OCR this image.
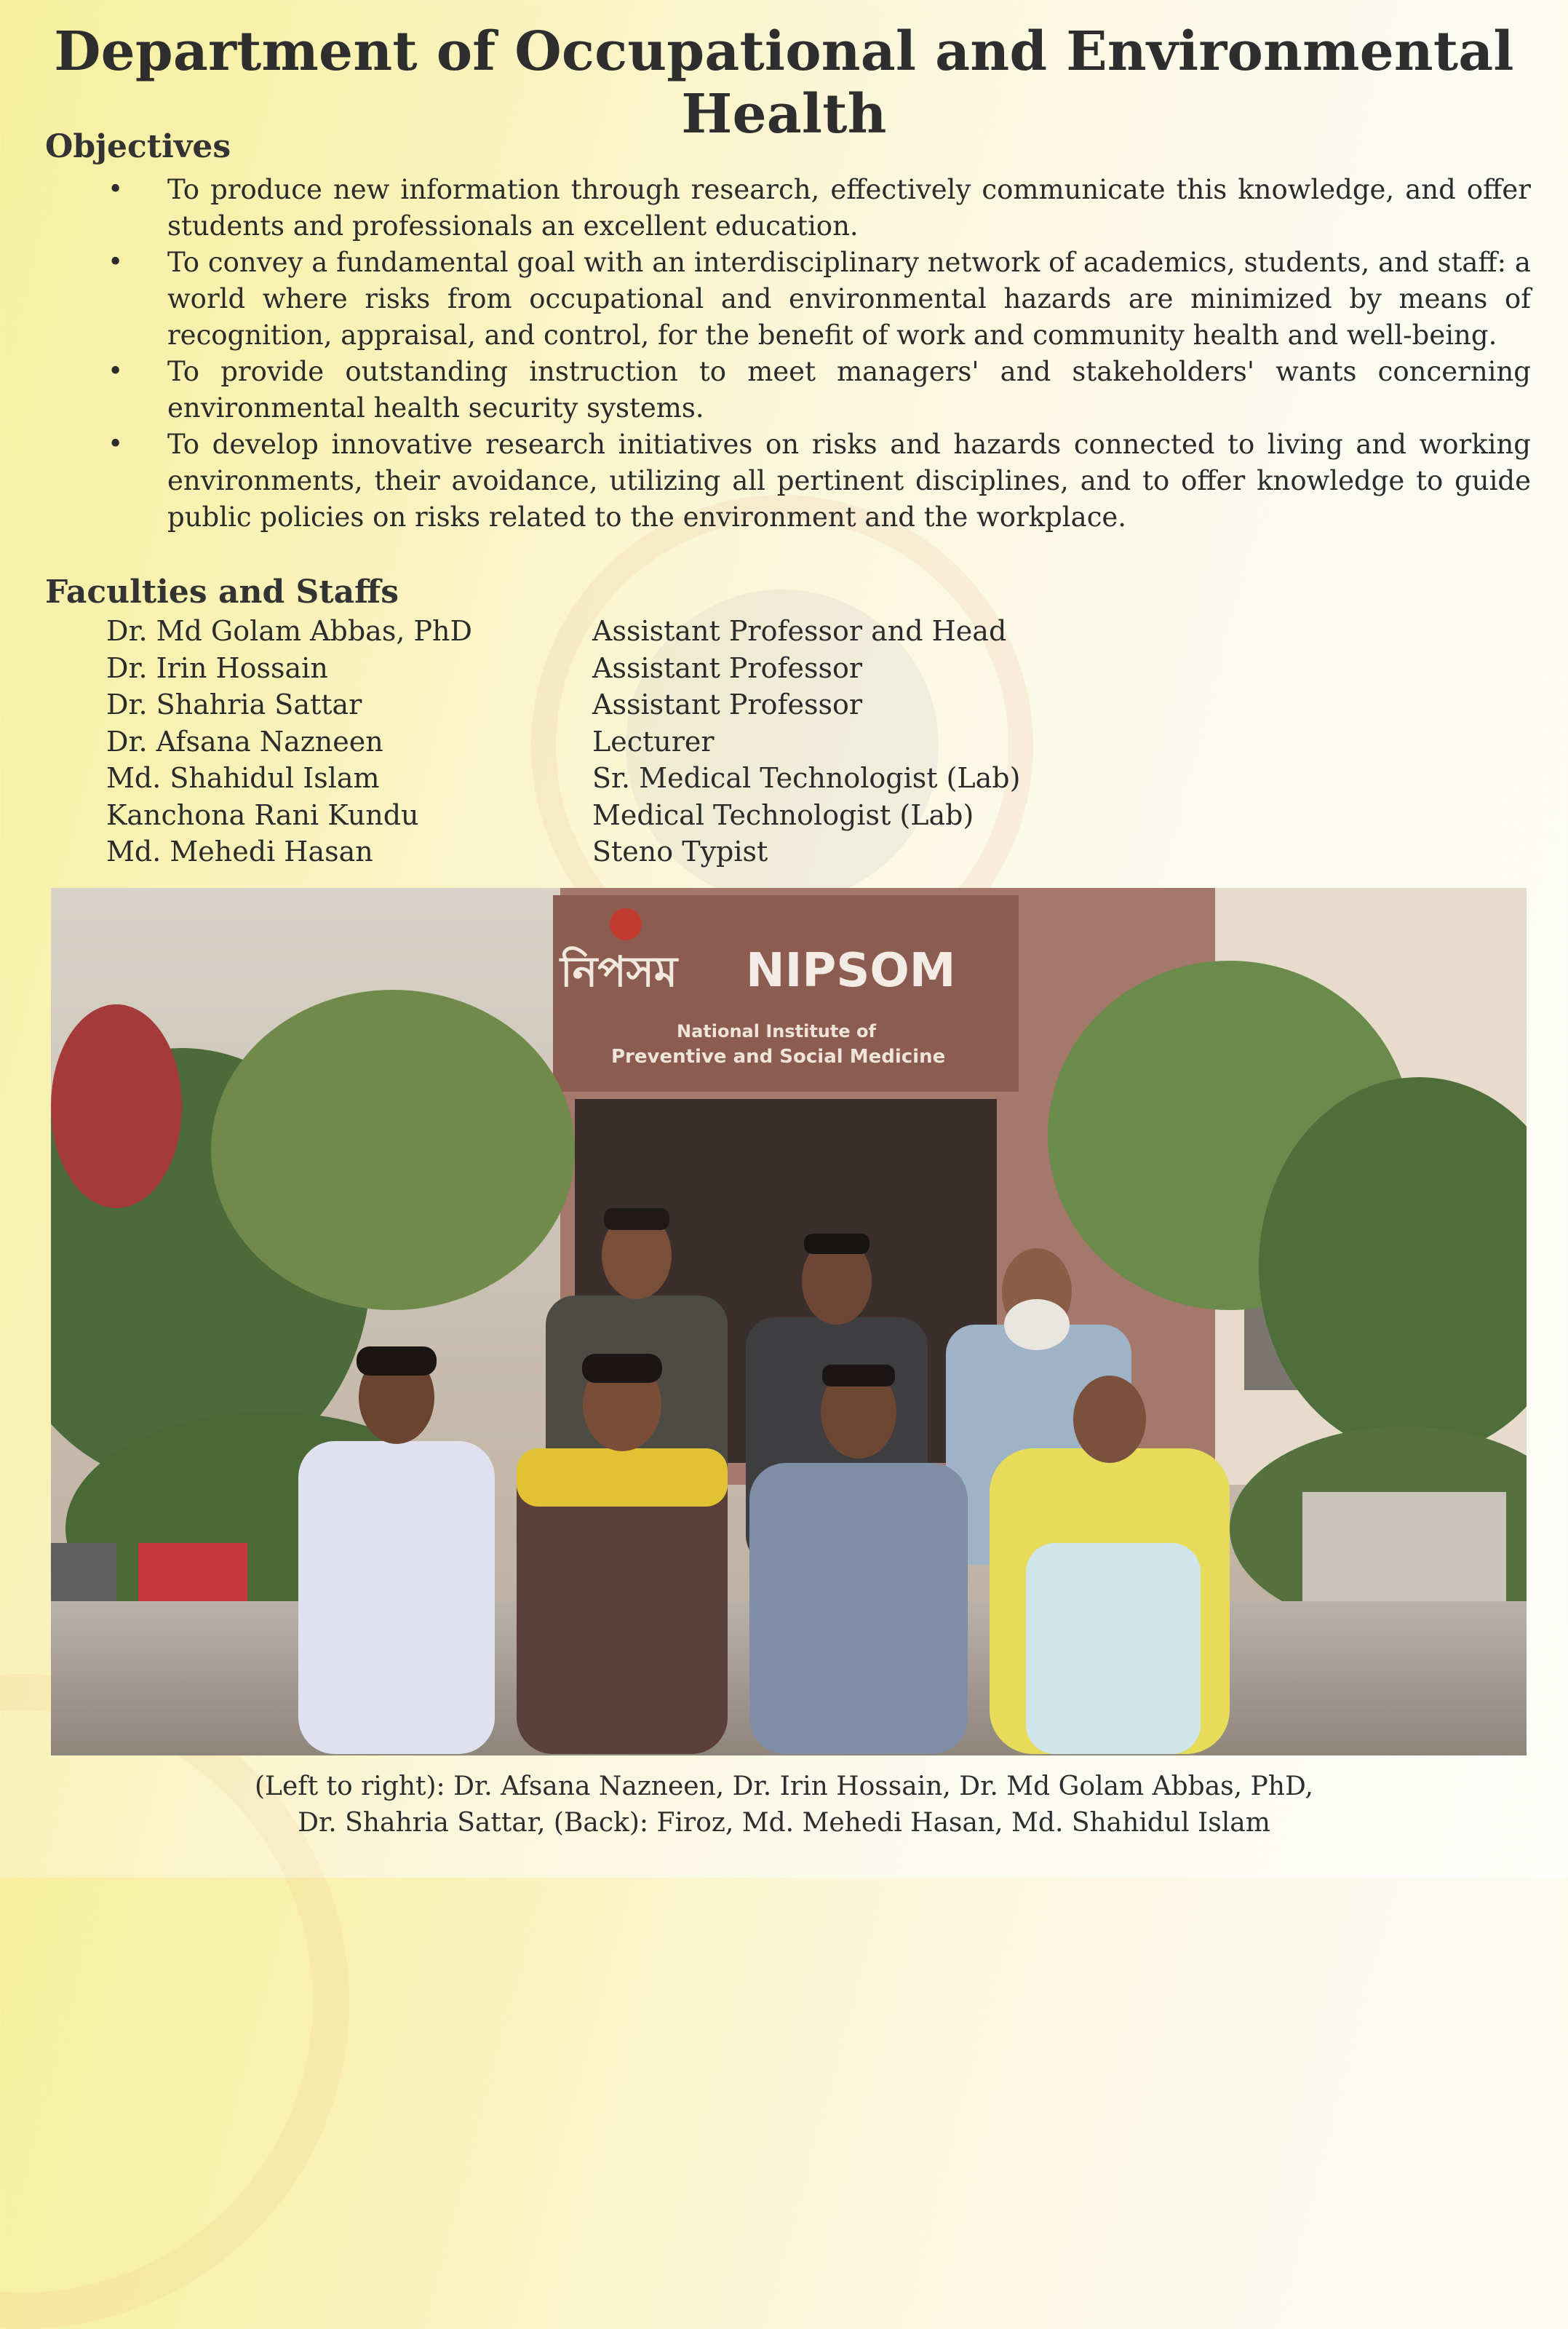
Department of Occupational and Environmental Health
Objectives
• To produce new information through research, effectively communicate this knowledge, and offer students and professionals an excellent education.
• To convey a fundamental goal with an interdisciplinary network of academics, students, and staff: a world where risks from occupational and environmental hazards are minimized by means of recognition, appraisal, and control, for the benefit of work and community health and well-being.
• To provide outstanding instruction to meet managers' and stakeholders' wants concerning environmental health security systems.
• To develop innovative research initiatives on risks and hazards connected to living and working environments, their avoidance, utilizing all pertinent disciplines, and to offer knowledge to guide public policies on risks related to the environment and the workplace.
Faculties and Staffs
Dr. Md Golam Abbas, PhD	Assistant Professor and Head
Dr. Irin Hossain	Assistant Professor
Dr. Shahria Sattar	Assistant Professor
Dr. Afsana Nazneen	Lecturer
Md. Shahidul Islam	Sr. Medical Technologist (Lab)
Kanchona Rani Kundu	Medical Technologist (Lab)
Md. Mehedi Hasan	Steno Typist
নিপসম NIPSOM
National Institute of
Preventive and Social Medicine
(Left to right): Dr. Afsana Nazneen, Dr. Irin Hossain, Dr. Md Golam Abbas, PhD,
Dr. Shahria Sattar, (Back): Firoz, Md. Mehedi Hasan, Md. Shahidul Islam
